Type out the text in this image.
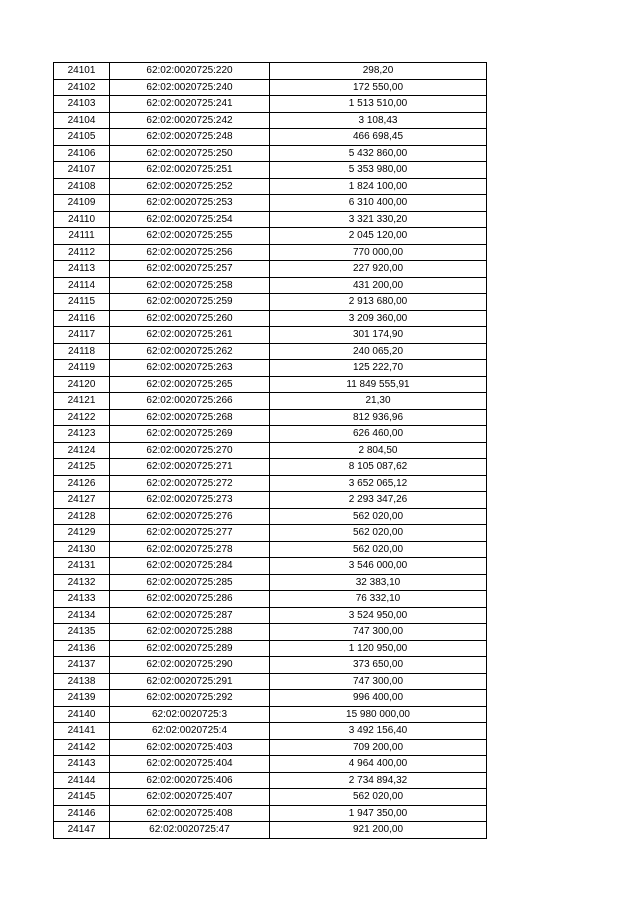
24101	62:02:0020725:220	298,20
24102	62:02:0020725:240	172 550,00
24103	62:02:0020725:241	1 513 510,00
24104	62:02:0020725:242	3 108,43
24105	62:02:0020725:248	466 698,45
24106	62:02:0020725:250	5 432 860,00
24107	62:02:0020725:251	5 353 980,00
24108	62:02:0020725:252	1 824 100,00
24109	62:02:0020725:253	6 310 400,00
24110	62:02:0020725:254	3 321 330,20
24111	62:02:0020725:255	2 045 120,00
24112	62:02:0020725:256	770 000,00
24113	62:02:0020725:257	227 920,00
24114	62:02:0020725:258	431 200,00
24115	62:02:0020725:259	2 913 680,00
24116	62:02:0020725:260	3 209 360,00
24117	62:02:0020725:261	301 174,90
24118	62:02:0020725:262	240 065,20
24119	62:02:0020725:263	125 222,70
24120	62:02:0020725:265	11 849 555,91
24121	62:02:0020725:266	21,30
24122	62:02:0020725:268	812 936,96
24123	62:02:0020725:269	626 460,00
24124	62:02:0020725:270	2 804,50
24125	62:02:0020725:271	8 105 087,62
24126	62:02:0020725:272	3 652 065,12
24127	62:02:0020725:273	2 293 347,26
24128	62:02:0020725:276	562 020,00
24129	62:02:0020725:277	562 020,00
24130	62:02:0020725:278	562 020,00
24131	62:02:0020725:284	3 546 000,00
24132	62:02:0020725:285	32 383,10
24133	62:02:0020725:286	76 332,10
24134	62:02:0020725:287	3 524 950,00
24135	62:02:0020725:288	747 300,00
24136	62:02:0020725:289	1 120 950,00
24137	62:02:0020725:290	373 650,00
24138	62:02:0020725:291	747 300,00
24139	62:02:0020725:292	996 400,00
24140	62:02:0020725:3	15 980 000,00
24141	62:02:0020725:4	3 492 156,40
24142	62:02:0020725:403	709 200,00
24143	62:02:0020725:404	4 964 400,00
24144	62:02:0020725:406	2 734 894,32
24145	62:02:0020725:407	562 020,00
24146	62:02:0020725:408	1 947 350,00
24147	62:02:0020725:47	921 200,00
